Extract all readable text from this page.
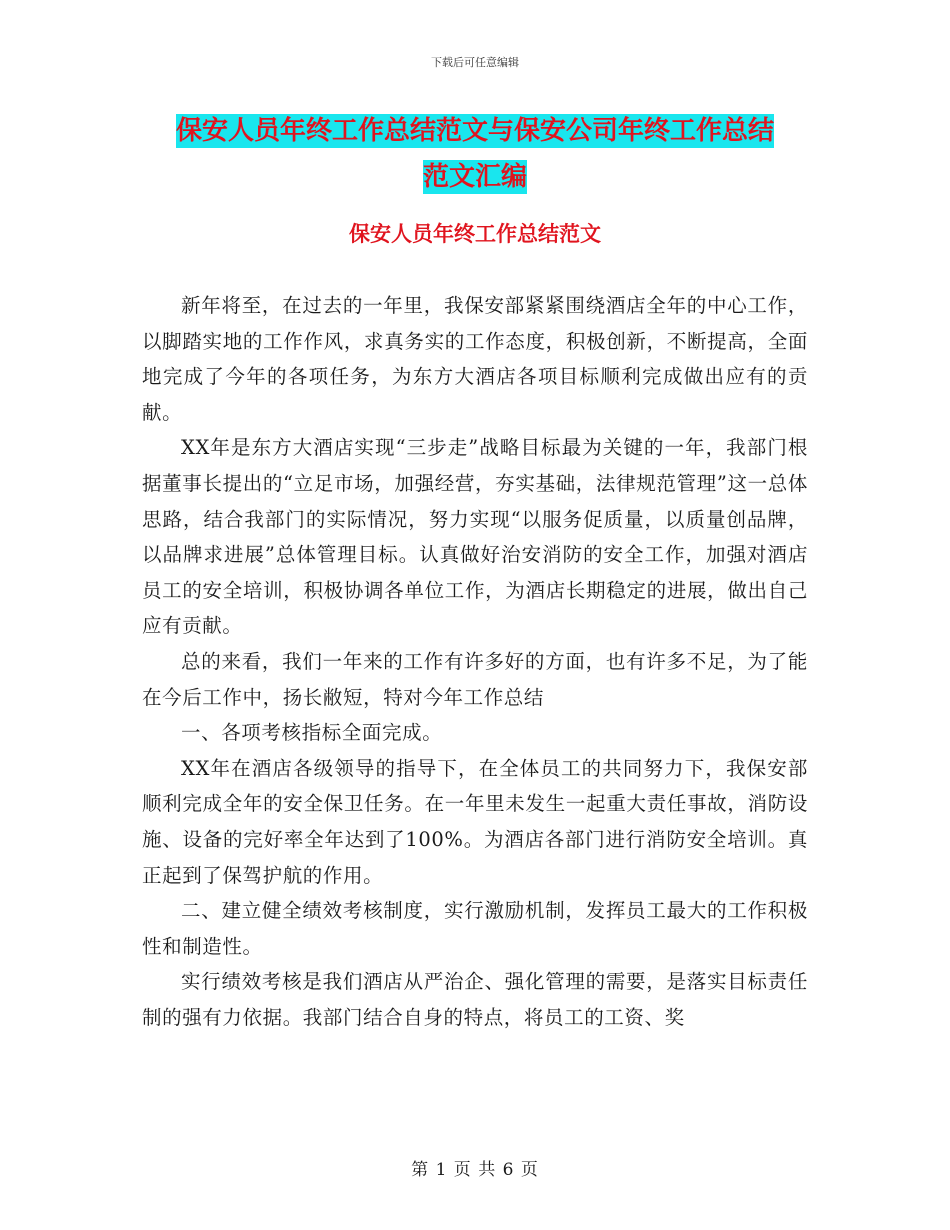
下载后可任意编辑
保安人员年终工作总结范文与保安公司年终工作总结
范文汇编
保安人员年终工作总结范文

新年将至，在过去的一年里，我保安部紧紧围绕酒店全年的中心工作，以脚踏实地的工作作风，求真务实的工作态度，积极创新，不断提高，全面地完成了今年的各项任务，为东方大酒店各项目标顺利完成做出应有的贡献。

XX年是东方大酒店实现“三步走”战略目标最为关键的一年，我部门根据董事长提出的“立足市场，加强经营，夯实基础，法律规范管理”这一总体思路，结合我部门的实际情况，努力实现“以服务促质量，以质量创品牌，以品牌求进展”总体管理目标。认真做好治安消防的安全工作，加强对酒店员工的安全培训，积极协调各单位工作，为酒店长期稳定的进展，做出自己应有贡献。

总的来看，我们一年来的工作有许多好的方面，也有许多不足，为了能在今后工作中，扬长敝短，特对今年工作总结

一、各项考核指标全面完成。

XX年在酒店各级领导的指导下，在全体员工的共同努力下，我保安部顺利完成全年的安全保卫任务。在一年里未发生一起重大责任事故，消防设施、设备的完好率全年达到了100%。为酒店各部门进行消防安全培训。真正起到了保驾护航的作用。

二、建立健全绩效考核制度，实行激励机制，发挥员工最大的工作积极性和制造性。

实行绩效考核是我们酒店从严治企、强化管理的需要，是落实目标责任制的强有力依据。我部门结合自身的特点，将员工的工资、奖

第 1 页 共 6 页
